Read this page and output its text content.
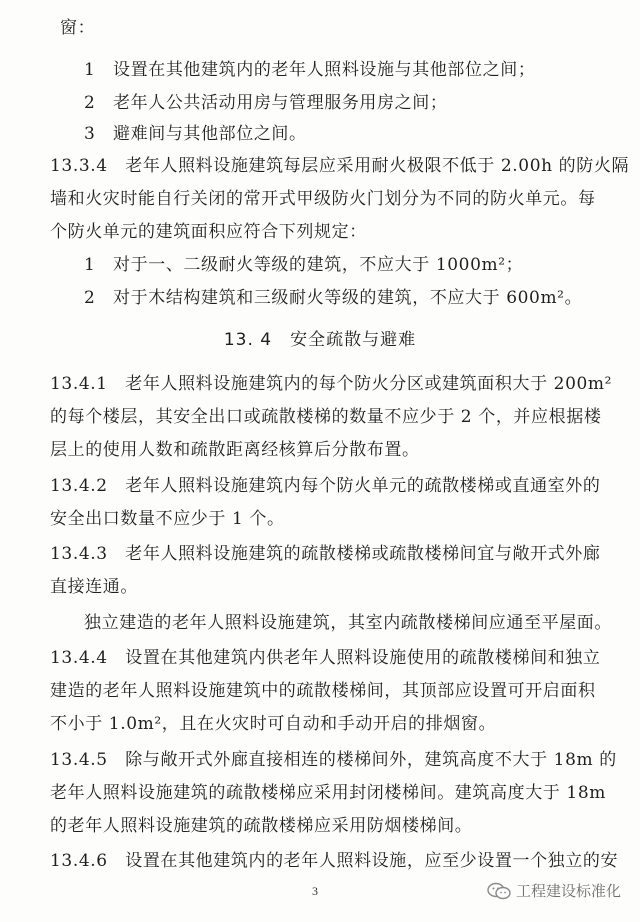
窗：
1　设置在其他建筑内的老年人照料设施与其他部位之间；
2　老年人公共活动用房与管理服务用房之间；
3　避难间与其他部位之间。
13.3.4　老年人照料设施建筑每层应采用耐火极限不低于 2.00h 的防火隔
墙和火灾时能自行关闭的常开式甲级防火门划分为不同的防火单元。每
个防火单元的建筑面积应符合下列规定：
1　对于一、二级耐火等级的建筑，不应大于 1000m²；
2　对于木结构建筑和三级耐火等级的建筑，不应大于 600m²。
13. 4　安全疏散与避难
13.4.1　老年人照料设施建筑内的每个防火分区或建筑面积大于 200m²
的每个楼层，其安全出口或疏散楼梯的数量不应少于 2 个，并应根据楼
层上的使用人数和疏散距离经核算后分散布置。
13.4.2　老年人照料设施建筑内每个防火单元的疏散楼梯或直通室外的
安全出口数量不应少于 1 个。
13.4.3　老年人照料设施建筑的疏散楼梯或疏散楼梯间宜与敞开式外廊
直接连通。
独立建造的老年人照料设施建筑，其室内疏散楼梯间应通至平屋面。
13.4.4　设置在其他建筑内供老年人照料设施使用的疏散楼梯间和独立
建造的老年人照料设施建筑中的疏散楼梯间，其顶部应设置可开启面积
不小于 1.0m²，且在火灾时可自动和手动开启的排烟窗。
13.4.5　除与敞开式外廊直接相连的楼梯间外，建筑高度不大于 18m 的
老年人照料设施建筑的疏散楼梯应采用封闭楼梯间。建筑高度大于 18m
的老年人照料设施建筑的疏散楼梯应采用防烟楼梯间。
13.4.6　设置在其他建筑内的老年人照料设施，应至少设置一个独立的安
3	工程建设标准化
